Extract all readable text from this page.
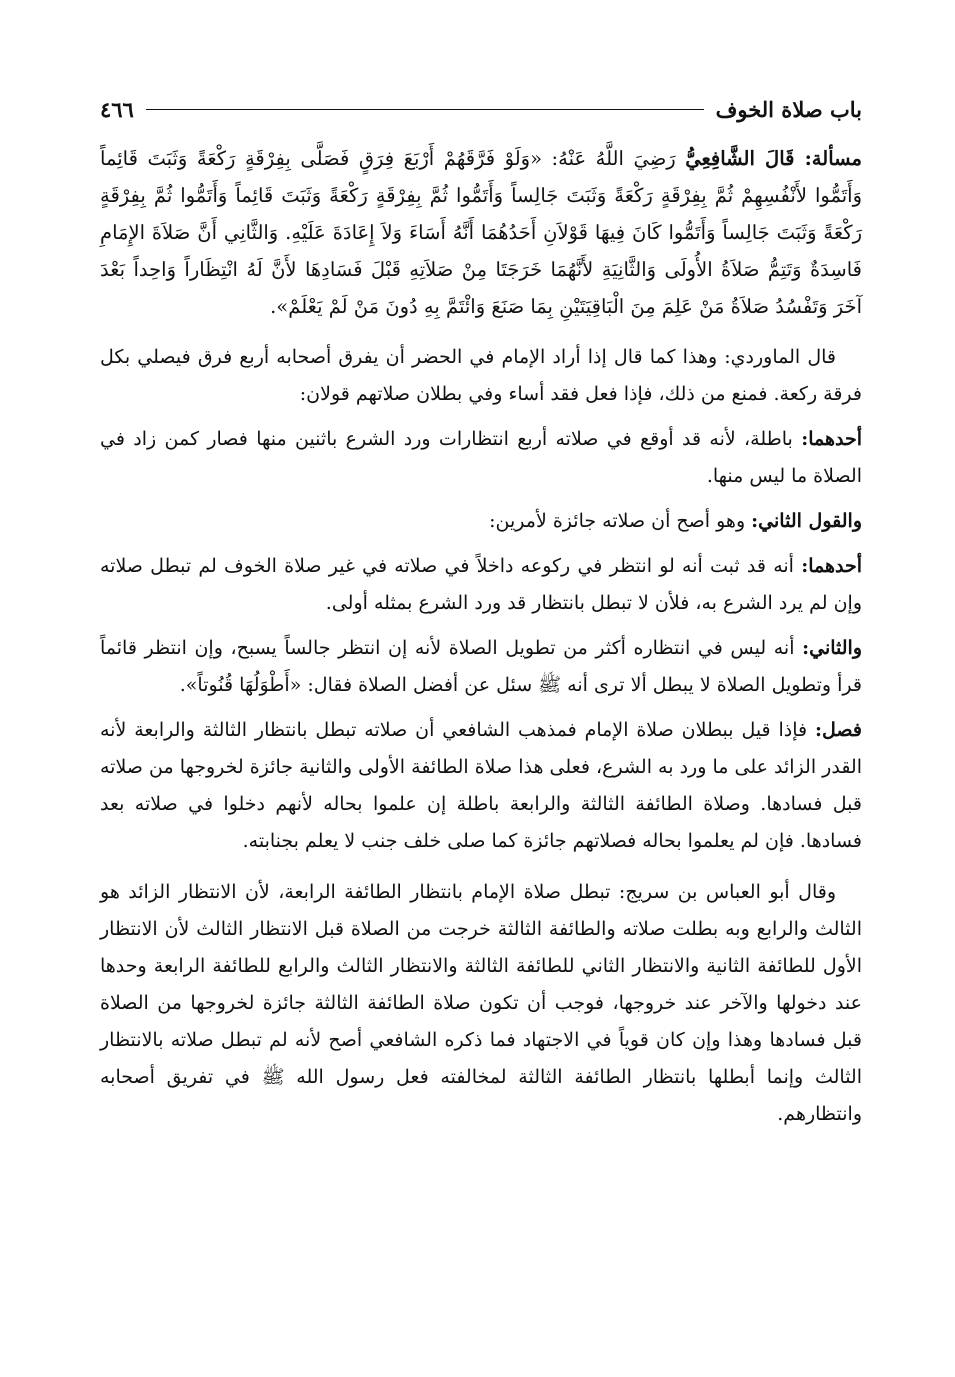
باب صلاة الخوف
٤٦٦

مسألة: قَالَ الشَّافِعِيُّ رَضِيَ اللَّهُ عَنْهُ: «وَلَوْ فَرَّقَهُمْ أَرْبَعَ فِرَقٍ فَصَلَّى بِفِرْقَةٍ رَكْعَةً وَثَبَتَ قَائِماً وَأَتَمُّوا لأَنْفُسِهِمْ ثُمَّ بِفِرْقَةٍ رَكْعَةً وَثَبَتَ جَالِساً وَأَتَمُّوا ثُمَّ بِفِرْقَةٍ رَكْعَةً وَثَبَتَ قَائِماً وَأَتَمُّوا ثُمَّ بِفِرْقَةٍ رَكْعَةً وَثَبَتَ جَالِساً وَأَتَمُّوا كَانَ فِيهَا قَوْلاَنِ أَحَدُهُمَا أَنَّهُ أَسَاءَ وَلاَ إِعَادَةَ عَلَيْهِ. وَالثَّانِي أَنَّ صَلاَةَ الإِمَامِ فَاسِدَةٌ وَتَتِمُّ صَلاَةُ الأُولَى وَالثَّانِيَةِ لأَنَّهُمَا خَرَجَتَا مِنْ صَلاَتِهِ قَبْلَ فَسَادِهَا لأَنَّ لَهُ انْتِظَاراً وَاحِداً بَعْدَ آخَرَ وَتَفْسُدُ صَلاَةُ مَنْ عَلِمَ مِنَ الْبَاقِيَتَيْنِ بِمَا صَنَعَ وَائْتَمَّ بِهِ دُونَ مَنْ لَمْ يَعْلَمْ».

قال الماوردي: وهذا كما قال إذا أراد الإمام في الحضر أن يفرق أصحابه أربع فرق فيصلي بكل فرقة ركعة. فمنع من ذلك، فإذا فعل فقد أساء وفي بطلان صلاتهم قولان:

أحدهما: باطلة، لأنه قد أوقع في صلاته أربع انتظارات ورد الشرع باثنين منها فصار كمن زاد في الصلاة ما ليس منها.

والقول الثاني: وهو أصح أن صلاته جائزة لأمرين:

أحدهما: أنه قد ثبت أنه لو انتظر في ركوعه داخلاً في صلاته في غير صلاة الخوف لم تبطل صلاته وإن لم يرد الشرع به، فلأن لا تبطل بانتظار قد ورد الشرع بمثله أولى.

والثاني: أنه ليس في انتظاره أكثر من تطويل الصلاة لأنه إن انتظر جالساً يسبح، وإن انتظر قائماً قرأ وتطويل الصلاة لا يبطل ألا ترى أنه ﷺ سئل عن أفضل الصلاة فقال: «أَطْوَلُهَا قُنُوتاً».

فصل: فإذا قيل ببطلان صلاة الإمام فمذهب الشافعي أن صلاته تبطل بانتظار الثالثة والرابعة لأنه القدر الزائد على ما ورد به الشرع، فعلى هذا صلاة الطائفة الأولى والثانية جائزة لخروجها من صلاته قبل فسادها. وصلاة الطائفة الثالثة والرابعة باطلة إن علموا بحاله لأنهم دخلوا في صلاته بعد فسادها. فإن لم يعلموا بحاله فصلاتهم جائزة كما صلى خلف جنب لا يعلم بجنابته.

وقال أبو العباس بن سريج: تبطل صلاة الإمام بانتظار الطائفة الرابعة، لأن الانتظار الزائد هو الثالث والرابع وبه بطلت صلاته والطائفة الثالثة خرجت من الصلاة قبل الانتظار الثالث لأن الانتظار الأول للطائفة الثانية والانتظار الثاني للطائفة الثالثة والانتظار الثالث والرابع للطائفة الرابعة وحدها عند دخولها والآخر عند خروجها، فوجب أن تكون صلاة الطائفة الثالثة جائزة لخروجها من الصلاة قبل فسادها وهذا وإن كان قوياً في الاجتهاد فما ذكره الشافعي أصح لأنه لم تبطل صلاته بالانتظار الثالث وإنما أبطلها بانتظار الطائفة الثالثة لمخالفته فعل رسول الله ﷺ في تفريق أصحابه وانتظارهم.
